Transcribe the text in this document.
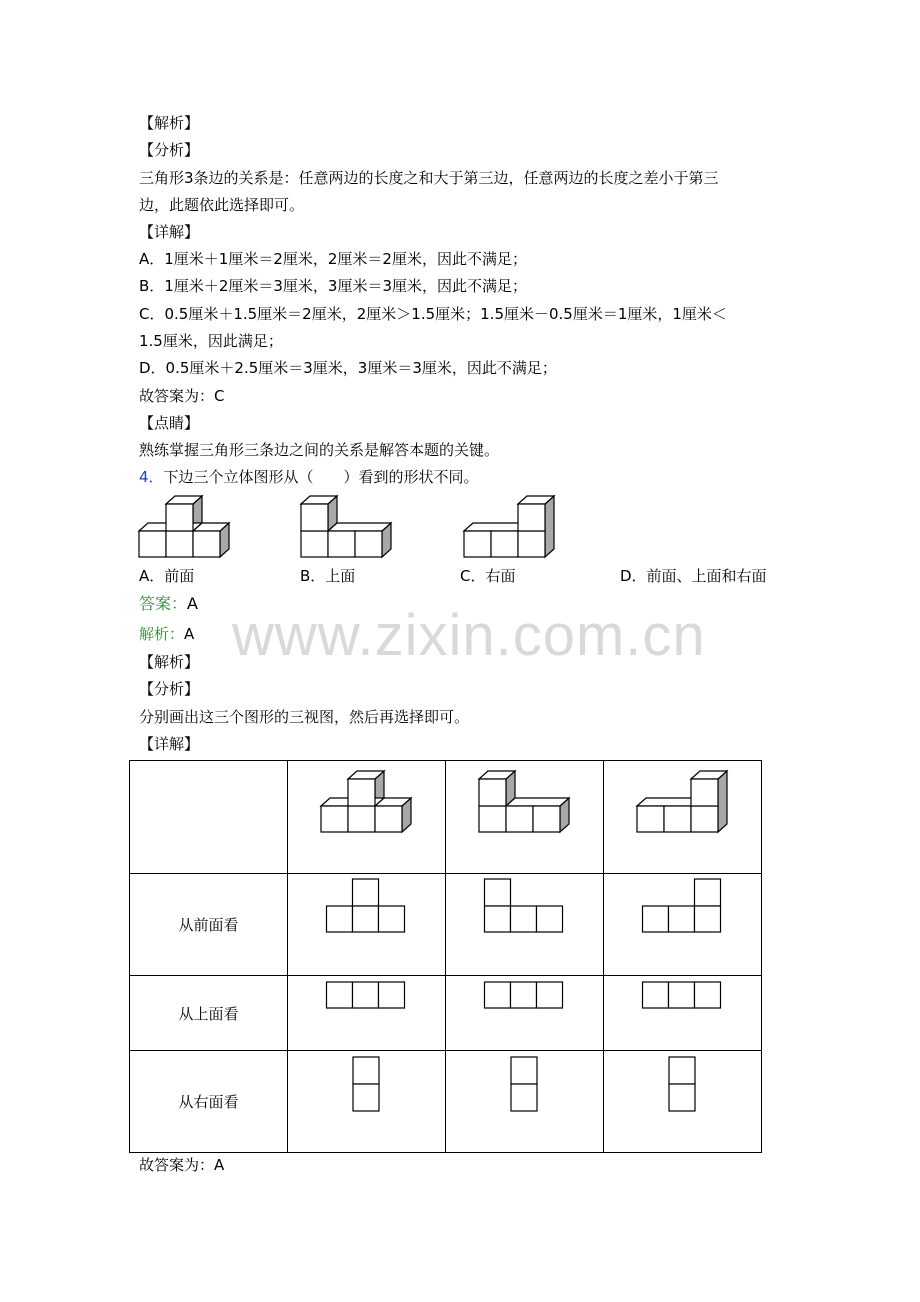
【解析】
【分析】
三角形3条边的关系是：任意两边的长度之和大于第三边，任意两边的长度之差小于第三
边，此题依此选择即可。
【详解】
A．1厘米＋1厘米＝2厘米，2厘米＝2厘米，因此不满足；
B．1厘米＋2厘米＝3厘米，3厘米＝3厘米，因此不满足；
C．0.5厘米＋1.5厘米＝2厘米，2厘米＞1.5厘米；1.5厘米－0.5厘米＝1厘米，1厘米＜
1.5厘米，因此满足；
D．0.5厘米＋2.5厘米＝3厘米，3厘米＝3厘米，因此不满足；
故答案为：C
【点睛】
熟练掌握三角形三条边之间的关系是解答本题的关键。
4．下边三个立体图形从（　　）看到的形状不同。
A．前面	B．上面	C．右面	D．前面、上面和右面
答案：A www.zixin.com.cn
解析：A
【解析】
【分析】
分别画出这三个图形的三视图，然后再选择即可。
【详解】

从前面看	

从上面看	

从右面看	

故答案为：A
